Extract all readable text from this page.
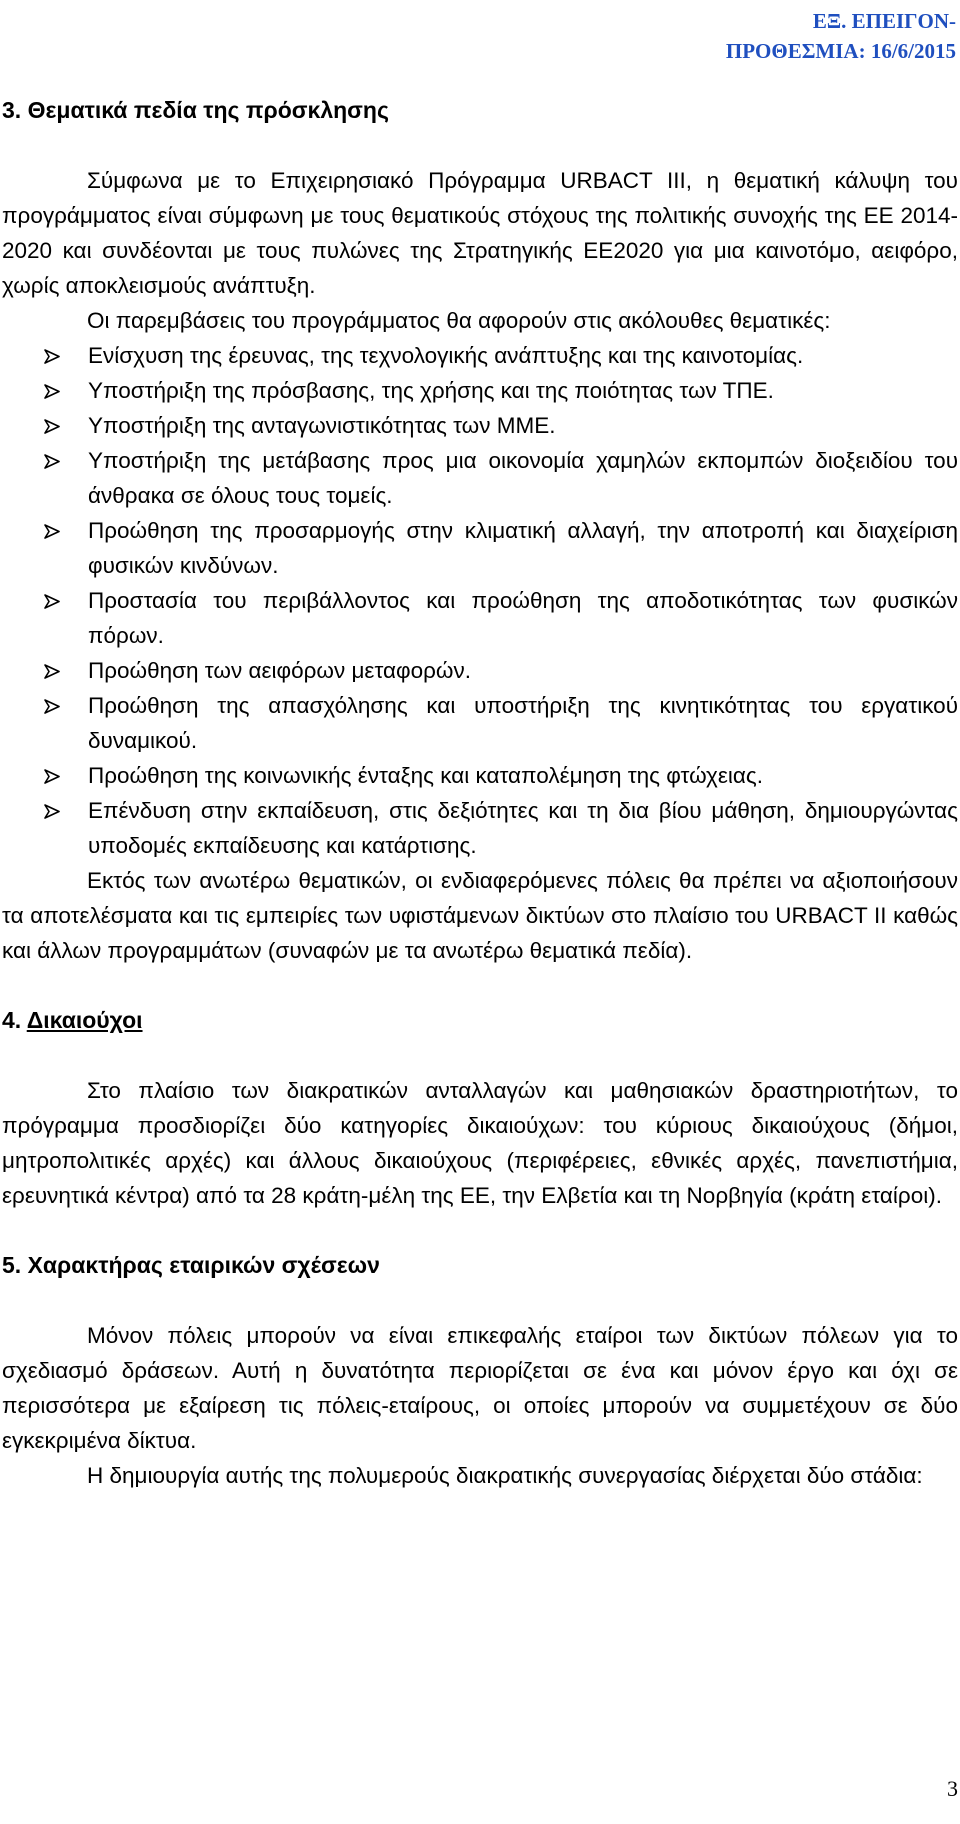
ΕΞ. ΕΠΕΙΓΟΝ-
ΠΡΟΘΕΣΜΙΑ: 16/6/2015
3. Θεματικά πεδία της πρόσκλησης

Σύμφωνα με το Επιχειρησιακό Πρόγραμμα URBACT III, η θεματική κάλυψη του προγράμματος είναι σύμφωνη με τους θεματικούς στόχους της πολιτικής συνοχής της ΕΕ 2014-2020 και συνδέονται με τους πυλώνες της Στρατηγικής ΕΕ2020 για μια καινοτόμο, αειφόρο, χωρίς αποκλεισμούς ανάπτυξη.

Οι παρεμβάσεις του προγράμματος θα αφορούν στις ακόλουθες θεματικές:

Ενίσχυση της έρευνας, της τεχνολογικής ανάπτυξης και της καινοτομίας.
Υποστήριξη της πρόσβασης, της χρήσης και της ποιότητας των ΤΠΕ.
Υποστήριξη της ανταγωνιστικότητας των ΜΜΕ.
Υποστήριξη της μετάβασης προς μια οικονομία χαμηλών εκπομπών διοξειδίου του άνθρακα σε όλους τους τομείς.
Προώθηση της προσαρμογής στην κλιματική αλλαγή, την αποτροπή και διαχείριση φυσικών κινδύνων.
Προστασία του περιβάλλοντος και προώθηση της αποδοτικότητας των φυσικών πόρων.
Προώθηση των αειφόρων μεταφορών.
Προώθηση της απασχόλησης και υποστήριξη της κινητικότητας του εργατικού δυναμικού.
Προώθηση της κοινωνικής ένταξης και καταπολέμηση της φτώχειας.
Επένδυση στην εκπαίδευση, στις δεξιότητες και τη δια βίου μάθηση, δημιουργώντας υποδομές εκπαίδευσης και κατάρτισης.

Εκτός των ανωτέρω θεματικών, οι ενδιαφερόμενες πόλεις θα πρέπει να αξιοποιήσουν τα αποτελέσματα και τις εμπειρίες των υφιστάμενων δικτύων στο πλαίσιο του URBACT II καθώς και άλλων προγραμμάτων (συναφών με τα ανωτέρω θεματικά πεδία).

4. Δικαιούχοι

Στο πλαίσιο των διακρατικών ανταλλαγών και μαθησιακών δραστηριοτήτων, το πρόγραμμα προσδιορίζει δύο κατηγορίες δικαιούχων: του κύριους δικαιούχους (δήμοι, μητροπολιτικές αρχές) και άλλους δικαιούχους (περιφέρειες, εθνικές αρχές, πανεπιστήμια, ερευνητικά κέντρα) από τα 28 κράτη-μέλη της ΕΕ, την Ελβετία και τη Νορβηγία (κράτη εταίροι).

5. Χαρακτήρας εταιρικών σχέσεων

Μόνον πόλεις μπορούν να είναι επικεφαλής εταίροι των δικτύων πόλεων για το σχεδιασμό δράσεων. Αυτή η δυνατότητα περιορίζεται σε ένα και μόνον έργο και όχι σε περισσότερα με εξαίρεση τις πόλεις-εταίρους, οι οποίες μπορούν να συμμετέχουν σε δύο εγκεκριμένα δίκτυα.

Η δημιουργία αυτής της πολυμερούς διακρατικής συνεργασίας διέρχεται δύο στάδια:

3
